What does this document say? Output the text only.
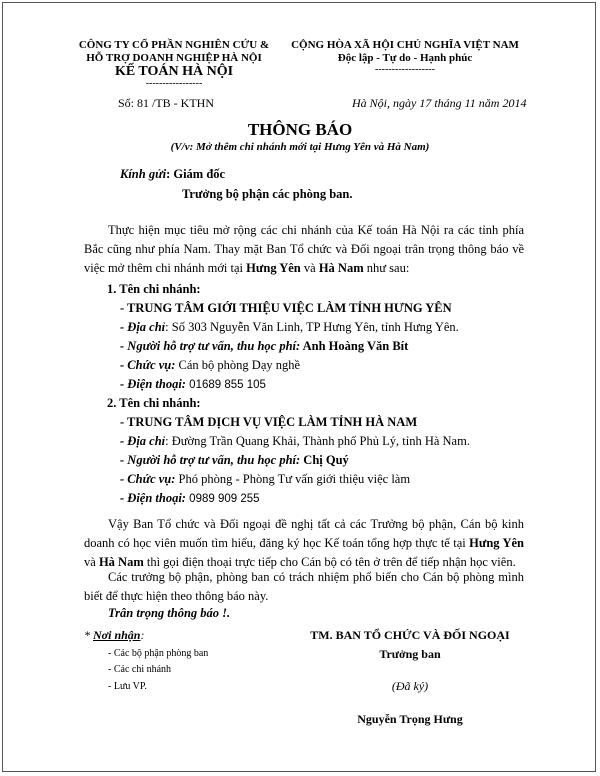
CÔNG TY CỔ PHẦN NGHIÊN CỨU &
HỖ TRỢ DOANH NGHIỆP HÀ NỘI
KẾ TOÁN HÀ NỘI
-----------------
Số: 81 /TB - KTHN
CỘNG HÒA XÃ HỘI CHỦ NGHĨA VIỆT NAM
Độc lập - Tự do - Hạnh phúc
------------------
Hà Nội, ngày 17 tháng 11 năm 2014
THÔNG BÁO
(V/v: Mở thêm chi nhánh mới tại Hưng Yên và Hà Nam)
Kính gửi: Giám đốc
Trưởng bộ phận các phòng ban.
Thực hiện mục tiêu mở rộng các chi nhánh của Kế toán Hà Nội ra các tỉnh phía Bắc cũng như phía Nam. Thay mặt Ban Tổ chức và Đối ngoại trân trọng thông báo về việc mở thêm chi nhánh mới tại Hưng Yên và Hà Nam như sau:
1. Tên chi nhánh:
- TRUNG TÂM GIỚI THIỆU VIỆC LÀM TỈNH HƯNG YÊN
- Địa chỉ: Số 303 Nguyễn Văn Linh, TP Hưng Yên, tỉnh Hưng Yên.
- Người hỗ trợ tư vấn, thu học phí: Anh Hoàng Văn Bít
- Chức vụ: Cán bộ phòng Dạy nghề
- Điện thoại: 01689 855 105
2. Tên chi nhánh:
- TRUNG TÂM DỊCH VỤ VIỆC LÀM TỈNH HÀ NAM
- Địa chỉ: Đường Trần Quang Khải, Thành phố Phủ Lý, tỉnh Hà Nam.
- Người hỗ trợ tư vấn, thu học phí: Chị Quý
- Chức vụ: Phó phòng - Phòng Tư vấn giới thiệu việc làm
- Điện thoại: 0989 909 255
Vậy Ban Tổ chức và Đối ngoại đề nghị tất cả các Trưởng bộ phận, Cán bộ kinh doanh có học viên muốn tìm hiểu, đăng ký học Kế toán tổng hợp thực tế tại Hưng Yên và Hà Nam thì gọi điện thoại trực tiếp cho Cán bộ có tên ở trên để tiếp nhận học viên.
Các trưởng bộ phận, phòng ban có trách nhiệm phổ biến cho Cán bộ phòng mình biết để thực hiện theo thông báo này.
Trân trọng thông báo !.
* Nơi nhận:
- Các bộ phận phòng ban
- Các chi nhánh
- Lưu VP.
TM. BAN TỔ CHỨC VÀ ĐỐI NGOẠI
Trưởng ban
(Đã ký)
Nguyễn Trọng Hưng
